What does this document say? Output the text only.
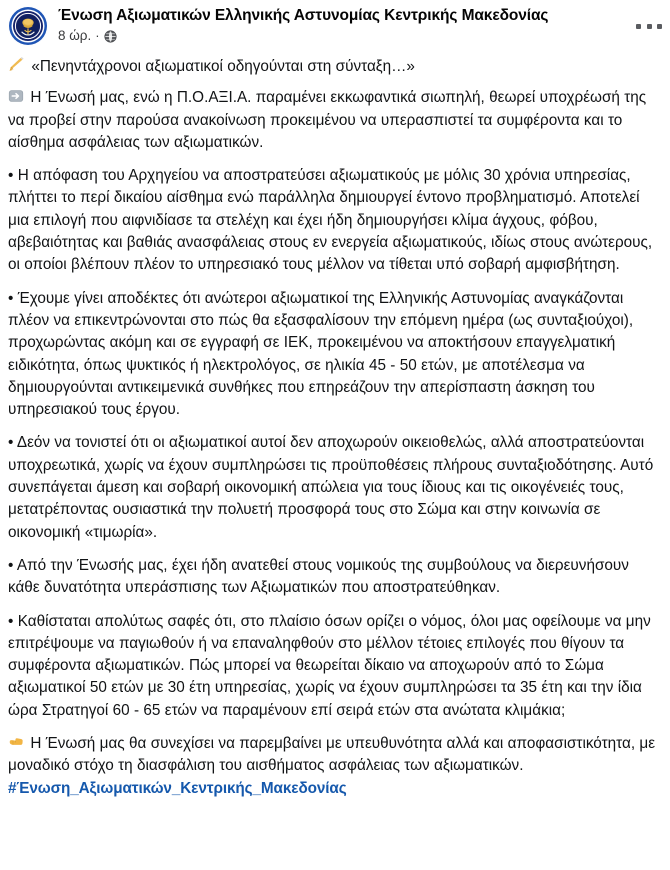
Ένωση Αξιωματικών Ελληνικής Αστυνομίας Κεντρικής Μακεδονίας
8 ώρ. ·

«Πενηντάχρονοι αξιωματικοί οδηγούνται στη σύνταξη…»

Η Ένωσή μας, ενώ η Π.Ο.ΑΞΙ.Α. παραμένει εκκωφαντικά σιωπηλή, θεωρεί υποχρέωσή της να προβεί στην παρούσα ανακοίνωση προκειμένου να υπερασπιστεί τα συμφέροντα και το αίσθημα ασφάλειας των αξιωματικών.

• Η απόφαση του Αρχηγείου να αποστρατεύσει αξιωματικούς με μόλις 30 χρόνια υπηρεσίας, πλήττει το περί δικαίου αίσθημα ενώ παράλληλα δημιουργεί έντονο προβληματισμό. Αποτελεί μια επιλογή που αιφνιδίασε τα στελέχη και έχει ήδη δημιουργήσει κλίμα άγχους, φόβου, αβεβαιότητας και βαθιάς ανασφάλειας στους εν ενεργεία αξιωματικούς, ιδίως στους ανώτερους, οι οποίοι βλέπουν πλέον το υπηρεσιακό τους μέλλον να τίθεται υπό σοβαρή αμφισβήτηση.

• Έχουμε γίνει αποδέκτες ότι ανώτεροι αξιωματικοί της Ελληνικής Αστυνομίας αναγκάζονται πλέον να επικεντρώνονται στο πώς θα εξασφαλίσουν την επόμενη ημέρα (ως συνταξιούχοι), προχωρώντας ακόμη και σε εγγραφή σε ΙΕΚ, προκειμένου να αποκτήσουν επαγγελματική ειδικότητα, όπως ψυκτικός ή ηλεκτρολόγος, σε ηλικία 45 - 50 ετών, με αποτέλεσμα να δημιουργούνται αντικειμενικά συνθήκες που επηρεάζουν την απερίσπαστη άσκηση του υπηρεσιακού τους έργου.

• Δεόν να τονιστεί ότι οι αξιωματικοί αυτοί δεν αποχωρούν οικειοθελώς, αλλά αποστρατεύονται υποχρεωτικά, χωρίς να έχουν συμπληρώσει τις προϋποθέσεις πλήρους συνταξιοδότησης. Αυτό συνεπάγεται άμεση και σοβαρή οικονομική απώλεια για τους ίδιους και τις οικογένειές τους, μετατρέποντας ουσιαστικά την πολυετή προσφορά τους στο Σώμα και στην κοινωνία σε οικονομική «τιμωρία».

• Από την Ένωσής μας, έχει ήδη ανατεθεί στους νομικούς της συμβούλους να διερευνήσουν κάθε δυνατότητα υπεράσπισης των Αξιωματικών που αποστρατεύθηκαν.

• Καθίσταται απολύτως σαφές ότι, στο πλαίσιο όσων ορίζει ο νόμος, όλοι μας οφείλουμε να μην επιτρέψουμε να παγιωθούν ή να επαναληφθούν στο μέλλον τέτοιες επιλογές που θίγουν τα συμφέροντα αξιωματικών. Πώς μπορεί να θεωρείται δίκαιο να αποχωρούν από το Σώμα αξιωματικοί 50 ετών με 30 έτη υπηρεσίας, χωρίς να έχουν συμπληρώσει τα 35 έτη και την ίδια ώρα Στρατηγοί 60 - 65 ετών να παραμένουν επί σειρά ετών στα ανώτατα κλιμάκια;

Η Ένωσή μας θα συνεχίσει να παρεμβαίνει με υπευθυνότητα αλλά και αποφασιστικότητα, με μοναδικό στόχο τη διασφάλιση του αισθήματος ασφάλειας των αξιωματικών.

#Ένωση_Αξιωματικών_Κεντρικής_Μακεδονίας
